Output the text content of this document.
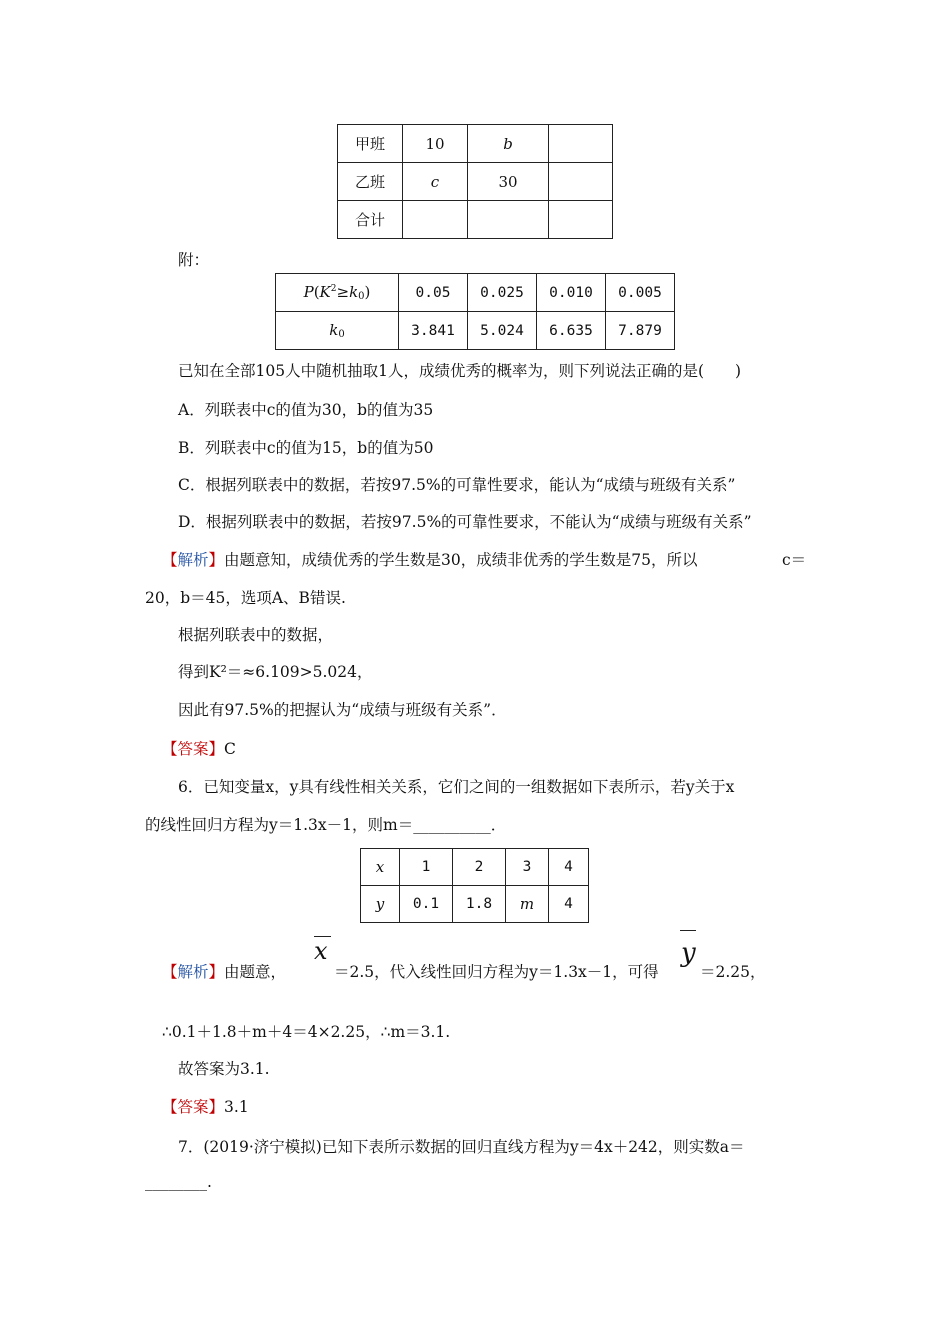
甲班	10	b	
乙班	c	30	
合计			
附：
$P(K^2\ge k_0)$	0.05	0.025	0.010	0.005
$k_0$	3.841	5.024	6.635	7.879
已知在全部105人中随机抽取1人，成绩优秀的概率为，则下列说法正确的是(　　)
A．列联表中c的值为30，b的值为35
B．列联表中c的值为15，b的值为50
C．根据列联表中的数据，若按97.5%的可靠性要求，能认为“成绩与班级有关系”
D．根据列联表中的数据，若按97.5%的可靠性要求，不能认为“成绩与班级有关系”
【解析】由题意知，成绩优秀的学生数是30，成绩非优秀的学生数是75，所以	c＝
20，b＝45，选项A、B错误.
根据列联表中的数据，
得到K²＝≈6.109>5.024，
因此有97.5%的把握认为“成绩与班级有关系”．
【答案】C
6．已知变量x，y具有线性相关关系，它们之间的一组数据如下表所示，若y关于x
的线性回归方程为y＝1.3x－1，则m＝__________．
x	1	2	3	4
y	0.1	1.8	m	4
【解析】由题意，
x
＝2.5，代入线性回归方程为y＝1.3x－1，可得
y
＝2.25，
∴0.1＋1.8＋m＋4＝4×2.25，∴m＝3.1.
故答案为3.1.
【答案】3.1
7．(2019·济宁模拟)已知下表所示数据的回归直线方程为y＝4x＋242，则实数a＝
________.
